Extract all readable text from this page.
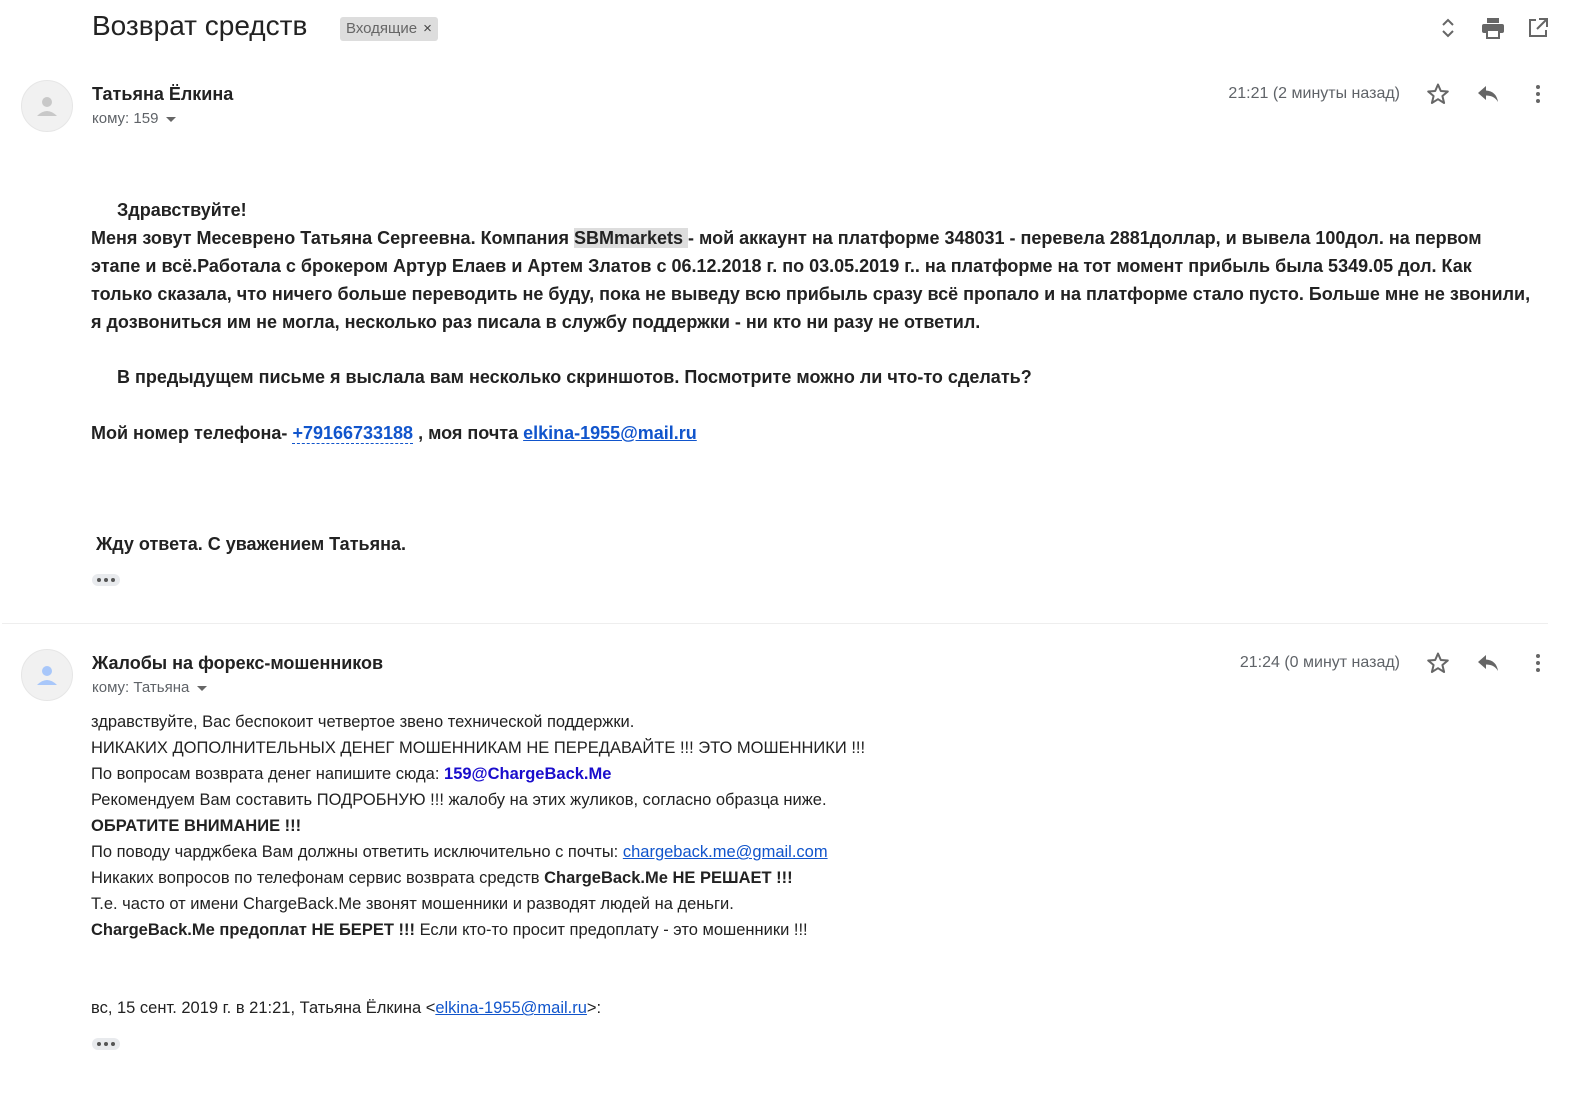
Возврат средств	Входящие ×
Татьяна Ёлкина
кому: 159
21:21 (2 минуты назад)
Здравствуйте!
Меня зовут Месеврено Татьяна Сергеевна. Компания SBMmarkets - мой аккаунт на платформе 348031 - перевела 2881доллар, и вывела 100дол. на первом этапе и всё.Работала с брокером Артур Елаев и Артем Златов с 06.12.2018 г. по 03.05.2019 г.. на платформе на тот момент прибыль была 5349.05 дол. Как только сказала, что ничего больше переводить не буду, пока не выведу всю прибыль сразу всё пропало и на платформе стало пусто. Больше мне не звонили, я дозвониться им не могла, несколько раз писала в службу поддержки - ни кто ни разу не ответил.
В предыдущем письме я выслала вам несколько скриншотов. Посмотрите можно ли что-то сделать?
Мой номер телефона- +79166733188 , моя почта elkina-1955@mail.ru
Жду ответа. С уважением Татьяна.
Жалобы на форекс-мошенников
кому: Татьяна
21:24 (0 минут назад)
здравствуйте, Вас беспокоит четвертое звено технической поддержки.
НИКАКИХ ДОПОЛНИТЕЛЬНЫХ ДЕНЕГ МОШЕННИКАМ НЕ ПЕРЕДАВАЙТЕ !!! ЭТО МОШЕННИКИ !!!
По вопросам возврата денег напишите сюда: 159@ChargeBack.Me
Рекомендуем Вам составить ПОДРОБНУЮ !!! жалобу на этих жуликов, согласно образца ниже.
ОБРАТИТЕ ВНИМАНИЕ !!!
По поводу чарджбека Вам должны ответить исключительно с почты: chargeback.me@gmail.com
Никаких вопросов по телефонам сервис возврата средств ChargeBack.Me НЕ РЕШАЕТ !!!
Т.е. часто от имени ChargeBack.Me звонят мошенники и разводят людей на деньги.
ChargeBack.Me предоплат НЕ БЕРЕТ !!! Если кто-то просит предоплату - это мошенники !!!
вс, 15 сент. 2019 г. в 21:21, Татьяна Ёлкина <elkina-1955@mail.ru>:
